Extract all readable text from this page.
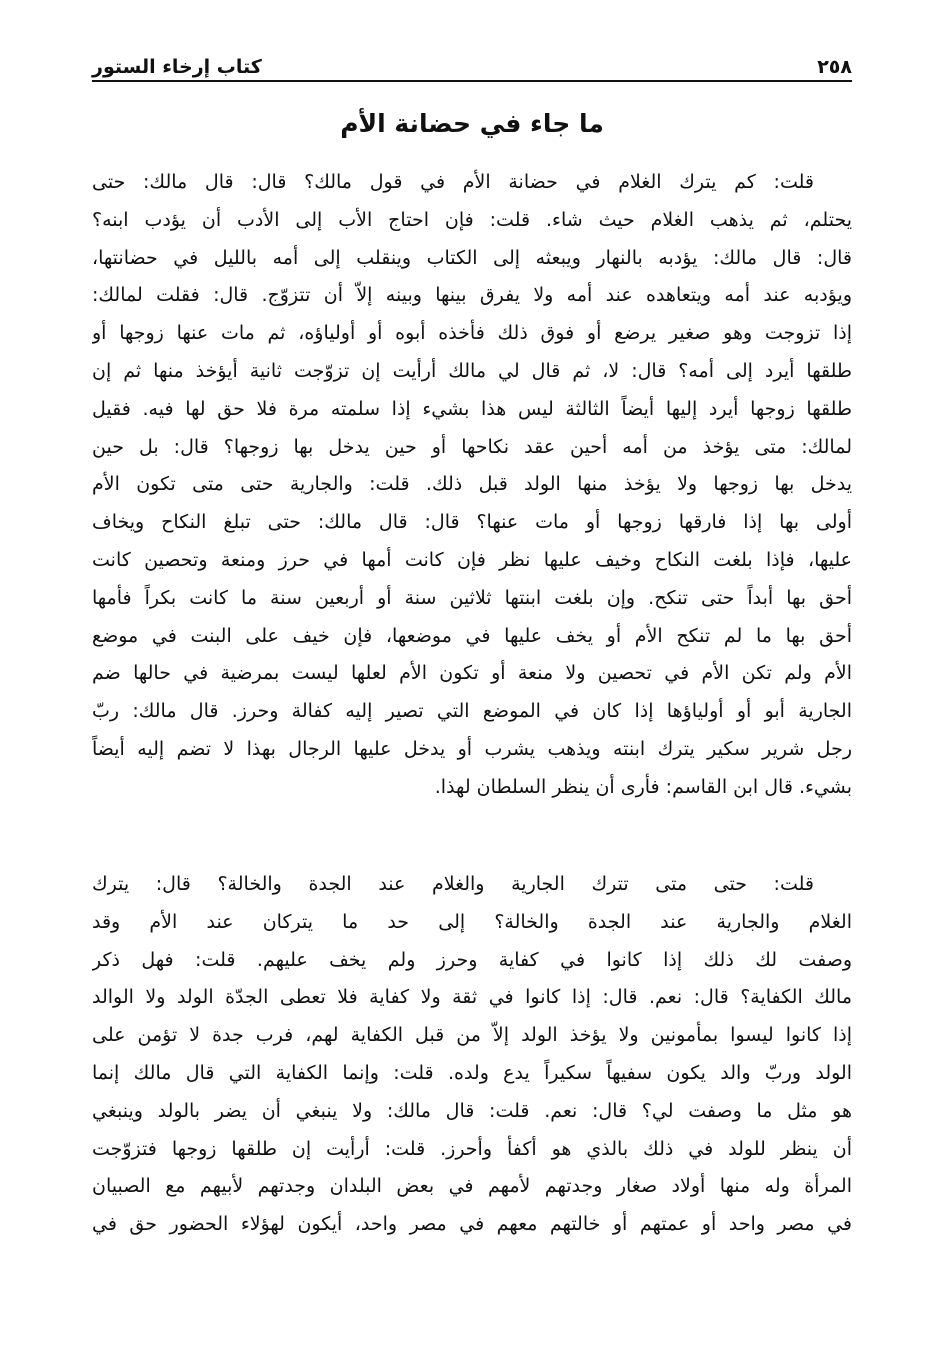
٢٥٨
كتاب إرخاء الستور
ما جاء في حضانة الأم
قلت: كم يترك الغلام في حضانة الأم في قول مالك؟ قال: قال مالك: حتى
يحتلم، ثم يذهب الغلام حيث شاء. قلت: فإن احتاج الأب إلى الأدب أن يؤدب ابنه؟
قال: قال مالك: يؤدبه بالنهار ويبعثه إلى الكتاب وينقلب إلى أمه بالليل في حضانتها،
ويؤدبه عند أمه ويتعاهده عند أمه ولا يفرق بينها وبينه إلاّ أن تتزوّج. قال: فقلت لمالك:
إذا تزوجت وهو صغير يرضع أو فوق ذلك فأخذه أبوه أو أولياؤه، ثم مات عنها زوجها أو
طلقها أيرد إلى أمه؟ قال: لا، ثم قال لي مالك أرأيت إن تزوّجت ثانية أيؤخذ منها ثم إن
طلقها زوجها أيرد إليها أيضاً الثالثة ليس هذا بشيء إذا سلمته مرة فلا حق لها فيه. فقيل
لمالك: متى يؤخذ من أمه أحين عقد نكاحها أو حين يدخل بها زوجها؟ قال: بل حين
يدخل بها زوجها ولا يؤخذ منها الولد قبل ذلك. قلت: والجارية حتى متى تكون الأم
أولى بها إذا فارقها زوجها أو مات عنها؟ قال: قال مالك: حتى تبلغ النكاح ويخاف
عليها، فإذا بلغت النكاح وخيف عليها نظر فإن كانت أمها في حرز ومنعة وتحصين كانت
أحق بها أبداً حتى تنكح. وإن بلغت ابنتها ثلاثين سنة أو أربعين سنة ما كانت بكراً فأمها
أحق بها ما لم تنكح الأم أو يخف عليها في موضعها، فإن خيف على البنت في موضع
الأم ولم تكن الأم في تحصين ولا منعة أو تكون الأم لعلها ليست بمرضية في حالها ضم
الجارية أبو أو أولياؤها إذا كان في الموضع التي تصير إليه كفالة وحرز. قال مالك: ربّ
رجل شرير سكير يترك ابنته ويذهب يشرب أو يدخل عليها الرجال بهذا لا تضم إليه أيضاً
بشيء. قال ابن القاسم: فأرى أن ينظر السلطان لهذا.
قلت: حتى متى تترك الجارية والغلام عند الجدة والخالة؟ قال: يترك
الغلام والجارية عند الجدة والخالة؟ إلى حد ما يتركان عند الأم وقد
وصفت لك ذلك إذا كانوا في كفاية وحرز ولم يخف عليهم. قلت: فهل ذكر
مالك الكفاية؟ قال: نعم. قال: إذا كانوا في ثقة ولا كفاية فلا تعطى الجدّة الولد ولا الوالد
إذا كانوا ليسوا بمأمونين ولا يؤخذ الولد إلاّ من قبل الكفاية لهم، فرب جدة لا تؤمن على
الولد وربّ والد يكون سفيهاً سكيراً يدع ولده. قلت: وإنما الكفاية التي قال مالك إنما
هو مثل ما وصفت لي؟ قال: نعم. قلت: قال مالك: ولا ينبغي أن يضر بالولد وينبغي
أن ينظر للولد في ذلك بالذي هو أكفأ وأحرز. قلت: أرأيت إن طلقها زوجها فتزوّجت
المرأة وله منها أولاد صغار وجدتهم لأمهم في بعض البلدان وجدتهم لأبيهم مع الصبيان
في مصر واحد أو عمتهم أو خالتهم معهم في مصر واحد، أيكون لهؤلاء الحضور حق في
